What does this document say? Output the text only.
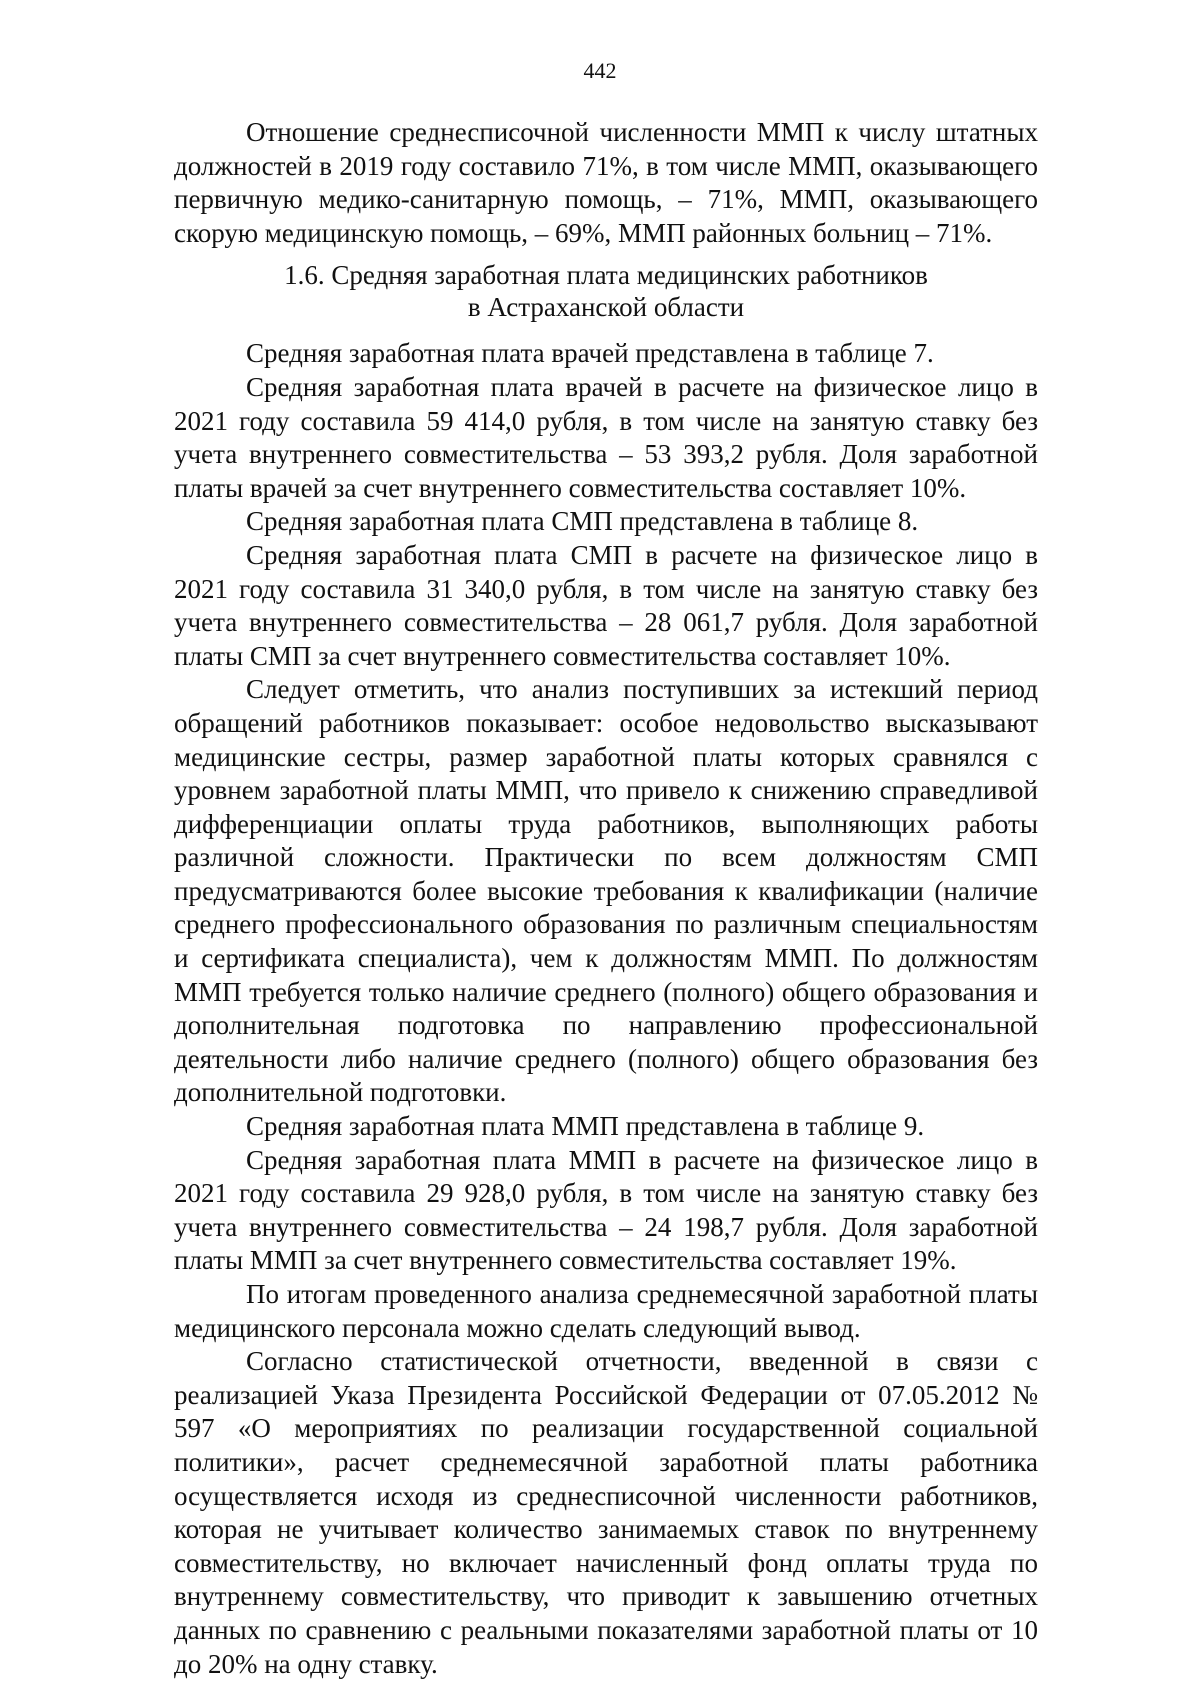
442

Отношение среднесписочной численности ММП к числу штатных должностей в 2019 году составило 71%, в том числе ММП, оказывающего первичную медико-санитарную помощь, – 71%, ММП, оказывающего скорую медицинскую помощь, – 69%, ММП районных больниц – 71%.

1.6. Средняя заработная плата медицинских работников
в Астраханской области

Средняя заработная плата врачей представлена в таблице 7.

Средняя заработная плата врачей в расчете на физическое лицо в 2021 году составила 59 414,0 рубля, в том числе на занятую ставку без учета внутреннего совместительства – 53 393,2 рубля. Доля заработной платы врачей за счет внутреннего совместительства составляет 10%.

Средняя заработная плата СМП представлена в таблице 8.

Средняя заработная плата СМП в расчете на физическое лицо в 2021 году составила 31 340,0 рубля, в том числе на занятую ставку без учета внутреннего совместительства – 28 061,7 рубля. Доля заработной платы СМП за счет внутреннего совместительства составляет 10%.

Следует отметить, что анализ поступивших за истекший период обращений работников показывает: особое недовольство высказывают медицинские сестры, размер заработной платы которых сравнялся с уровнем заработной платы ММП, что привело к снижению справедливой дифференциации оплаты труда работников, выполняющих работы различной сложности. Практически по всем должностям СМП предусматриваются более высокие требования к квалификации (наличие среднего профессионального образования по различным специальностям и сертификата специалиста), чем к должностям ММП. По должностям ММП требуется только наличие среднего (полного) общего образования и дополнительная подготовка по направлению профессиональной деятельности либо наличие среднего (полного) общего образования без дополнительной подготовки.

Средняя заработная плата ММП представлена в таблице 9.

Средняя заработная плата ММП в расчете на физическое лицо в 2021 году составила 29 928,0 рубля, в том числе на занятую ставку без учета внутреннего совместительства – 24 198,7 рубля. Доля заработной платы ММП за счет внутреннего совместительства составляет 19%.

По итогам проведенного анализа среднемесячной заработной платы медицинского персонала можно сделать следующий вывод.

Согласно статистической отчетности, введенной в связи с реализацией Указа Президента Российской Федерации от 07.05.2012 № 597 «О мероприятиях по реализации государственной социальной политики», расчет среднемесячной заработной платы работника осуществляется исходя из среднесписочной численности работников, которая не учитывает количество занимаемых ставок по внутреннему совместительству, но включает начисленный фонд оплаты труда по внутреннему совместительству, что приводит к завышению отчетных данных по сравнению с реальными показателями заработной платы от 10 до 20% на одну ставку.
